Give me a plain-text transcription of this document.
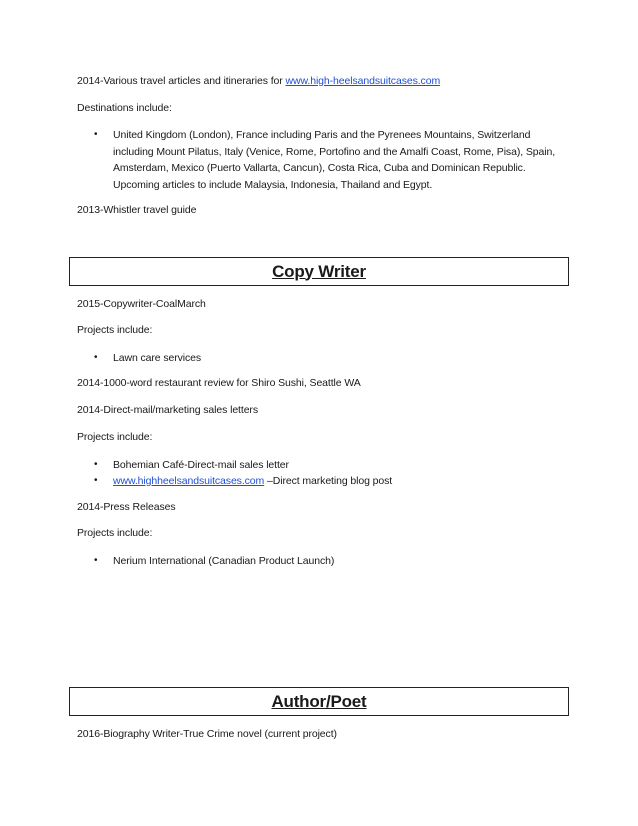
2014-Various travel articles and itineraries for www.high-heelsandsuitcases.com
Destinations include:
• United Kingdom (London), France including Paris and the Pyrenees Mountains, Switzerland
including Mount Pilatus, Italy (Venice, Rome, Portofino and the Amalfi Coast, Rome, Pisa), Spain,
Amsterdam, Mexico (Puerto Vallarta, Cancun), Costa Rica, Cuba and Dominican Republic.
Upcoming articles to include Malaysia, Indonesia, Thailand and Egypt.
2013-Whistler travel guide
Copy Writer
2015-Copywriter-CoalMarch
Projects include:
• Lawn care services
2014-1000-word restaurant review for Shiro Sushi, Seattle WA
2014-Direct-mail/marketing sales letters
Projects include:
• Bohemian Café-Direct-mail sales letter
• www.highheelsandsuitcases.com –Direct marketing blog post
2014-Press Releases
Projects include:
• Nerium International (Canadian Product Launch)
Author/Poet
2016-Biography Writer-True Crime novel (current project)
